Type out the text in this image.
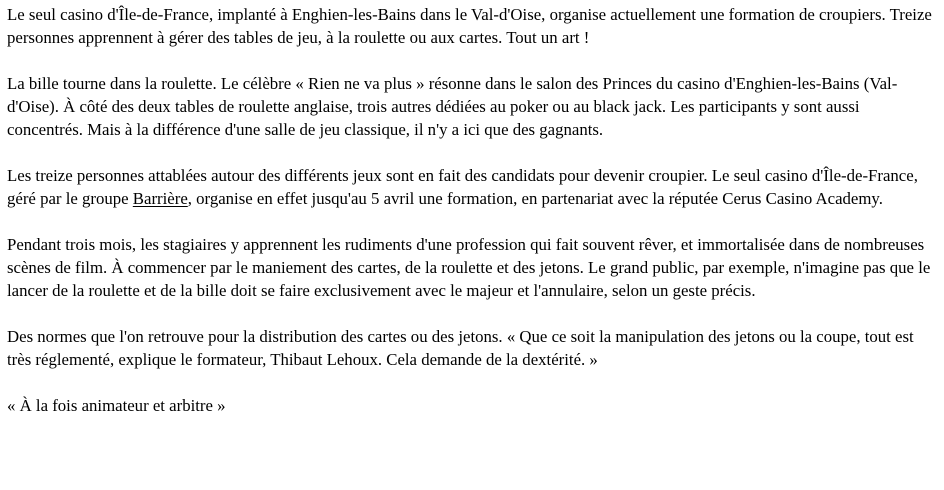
Le seul casino d'Île-de-France, implanté à Enghien-les-Bains dans le Val-d'Oise, organise actuellement une formation de croupiers. Treize personnes apprennent à gérer des tables de jeu, à la roulette ou aux cartes. Tout un art !

La bille tourne dans la roulette. Le célèbre « Rien ne va plus » résonne dans le salon des Princes du casino d'Enghien-les-Bains (Val-d'Oise). À côté des deux tables de roulette anglaise, trois autres dédiées au poker ou au black jack. Les participants y sont aussi concentrés. Mais à la différence d'une salle de jeu classique, il n'y a ici que des gagnants.

Les treize personnes attablées autour des différents jeux sont en fait des candidats pour devenir croupier. Le seul casino d'Île-de-France, géré par le groupe Barrière, organise en effet jusqu'au 5 avril une formation, en partenariat avec la réputée Cerus Casino Academy.

Pendant trois mois, les stagiaires y apprennent les rudiments d'une profession qui fait souvent rêver, et immortalisée dans de nombreuses scènes de film. À commencer par le maniement des cartes, de la roulette et des jetons. Le grand public, par exemple, n'imagine pas que le lancer de la roulette et de la bille doit se faire exclusivement avec le majeur et l'annulaire, selon un geste précis.

Des normes que l'on retrouve pour la distribution des cartes ou des jetons. « Que ce soit la manipulation des jetons ou la coupe, tout est très réglementé, explique le formateur, Thibaut Lehoux. Cela demande de la dextérité. »

« À la fois animateur et arbitre »
